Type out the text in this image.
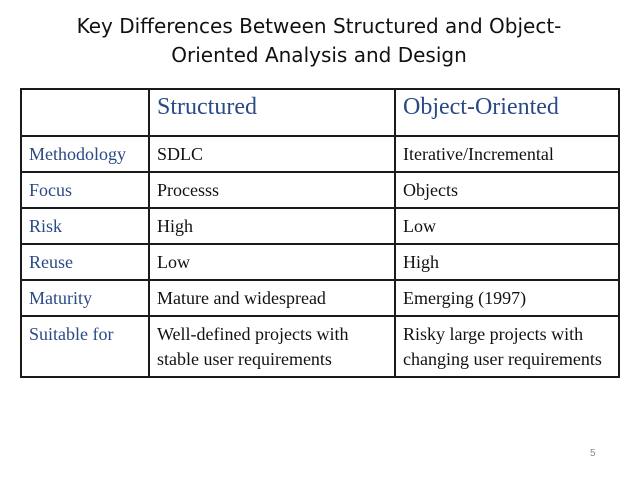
Key Differences Between Structured and Object-
Oriented Analysis and Design
	Structured	Object-Oriented
Methodology	SDLC	Iterative/Incremental
Focus	Processs	Objects
Risk	High	Low
Reuse	Low	High
Maturity	Mature and widespread	Emerging (1997)
Suitable for	Well-defined projects with stable user requirements	Risky large projects with changing user requirements
5
